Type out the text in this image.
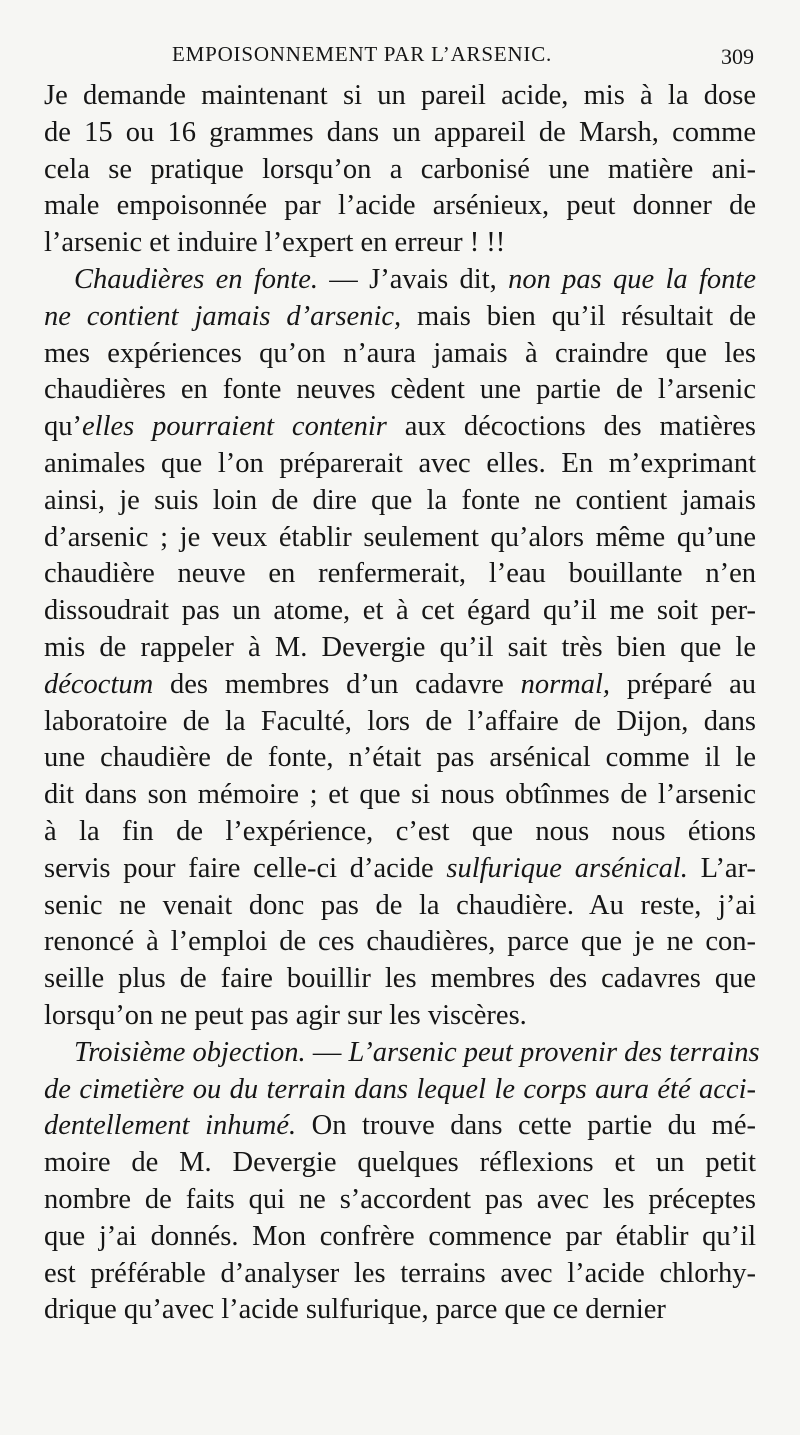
EMPOISONNEMENT PAR L’ARSENIC.	309
Je demande maintenant si un pareil acide, mis à la dose
de 15 ou 16 grammes dans un appareil de Marsh, comme
cela se pratique lorsqu’on a carbonisé une matière ani-
male empoisonnée par l’acide arsénieux, peut donner de
l’arsenic et induire l’expert en erreur ! !!
Chaudières en fonte. — J’avais dit, non pas que la fonte
ne contient jamais d’arsenic, mais bien qu’il résultait de
mes expériences qu’on n’aura jamais à craindre que les
chaudières en fonte neuves cèdent une partie de l’arsenic
qu’elles pourraient contenir aux décoctions des matières
animales que l’on préparerait avec elles. En m’exprimant
ainsi, je suis loin de dire que la fonte ne contient jamais
d’arsenic ; je veux établir seulement qu’alors même qu’une
chaudière neuve en renfermerait, l’eau bouillante n’en
dissoudrait pas un atome, et à cet égard qu’il me soit per-
mis de rappeler à M. Devergie qu’il sait très bien que le
décoctum des membres d’un cadavre normal, préparé au
laboratoire de la Faculté, lors de l’affaire de Dijon, dans
une chaudière de fonte, n’était pas arsénical comme il le
dit dans son mémoire ; et que si nous obtînmes de l’arsenic
à la fin de l’expérience, c’est que nous nous étions
servis pour faire celle-ci d’acide sulfurique arsénical. L’ar-
senic ne venait donc pas de la chaudière. Au reste, j’ai
renoncé à l’emploi de ces chaudières, parce que je ne con-
seille plus de faire bouillir les membres des cadavres que
lorsqu’on ne peut pas agir sur les viscères.
Troisième objection. — L’arsenic peut provenir des terrains
de cimetière ou du terrain dans lequel le corps aura été acci-
dentellement inhumé. On trouve dans cette partie du mé-
moire de M. Devergie quelques réflexions et un petit
nombre de faits qui ne s’accordent pas avec les préceptes
que j’ai donnés. Mon confrère commence par établir qu’il
est préférable d’analyser les terrains avec l’acide chlorhy-
drique qu’avec l’acide sulfurique, parce que ce dernier
